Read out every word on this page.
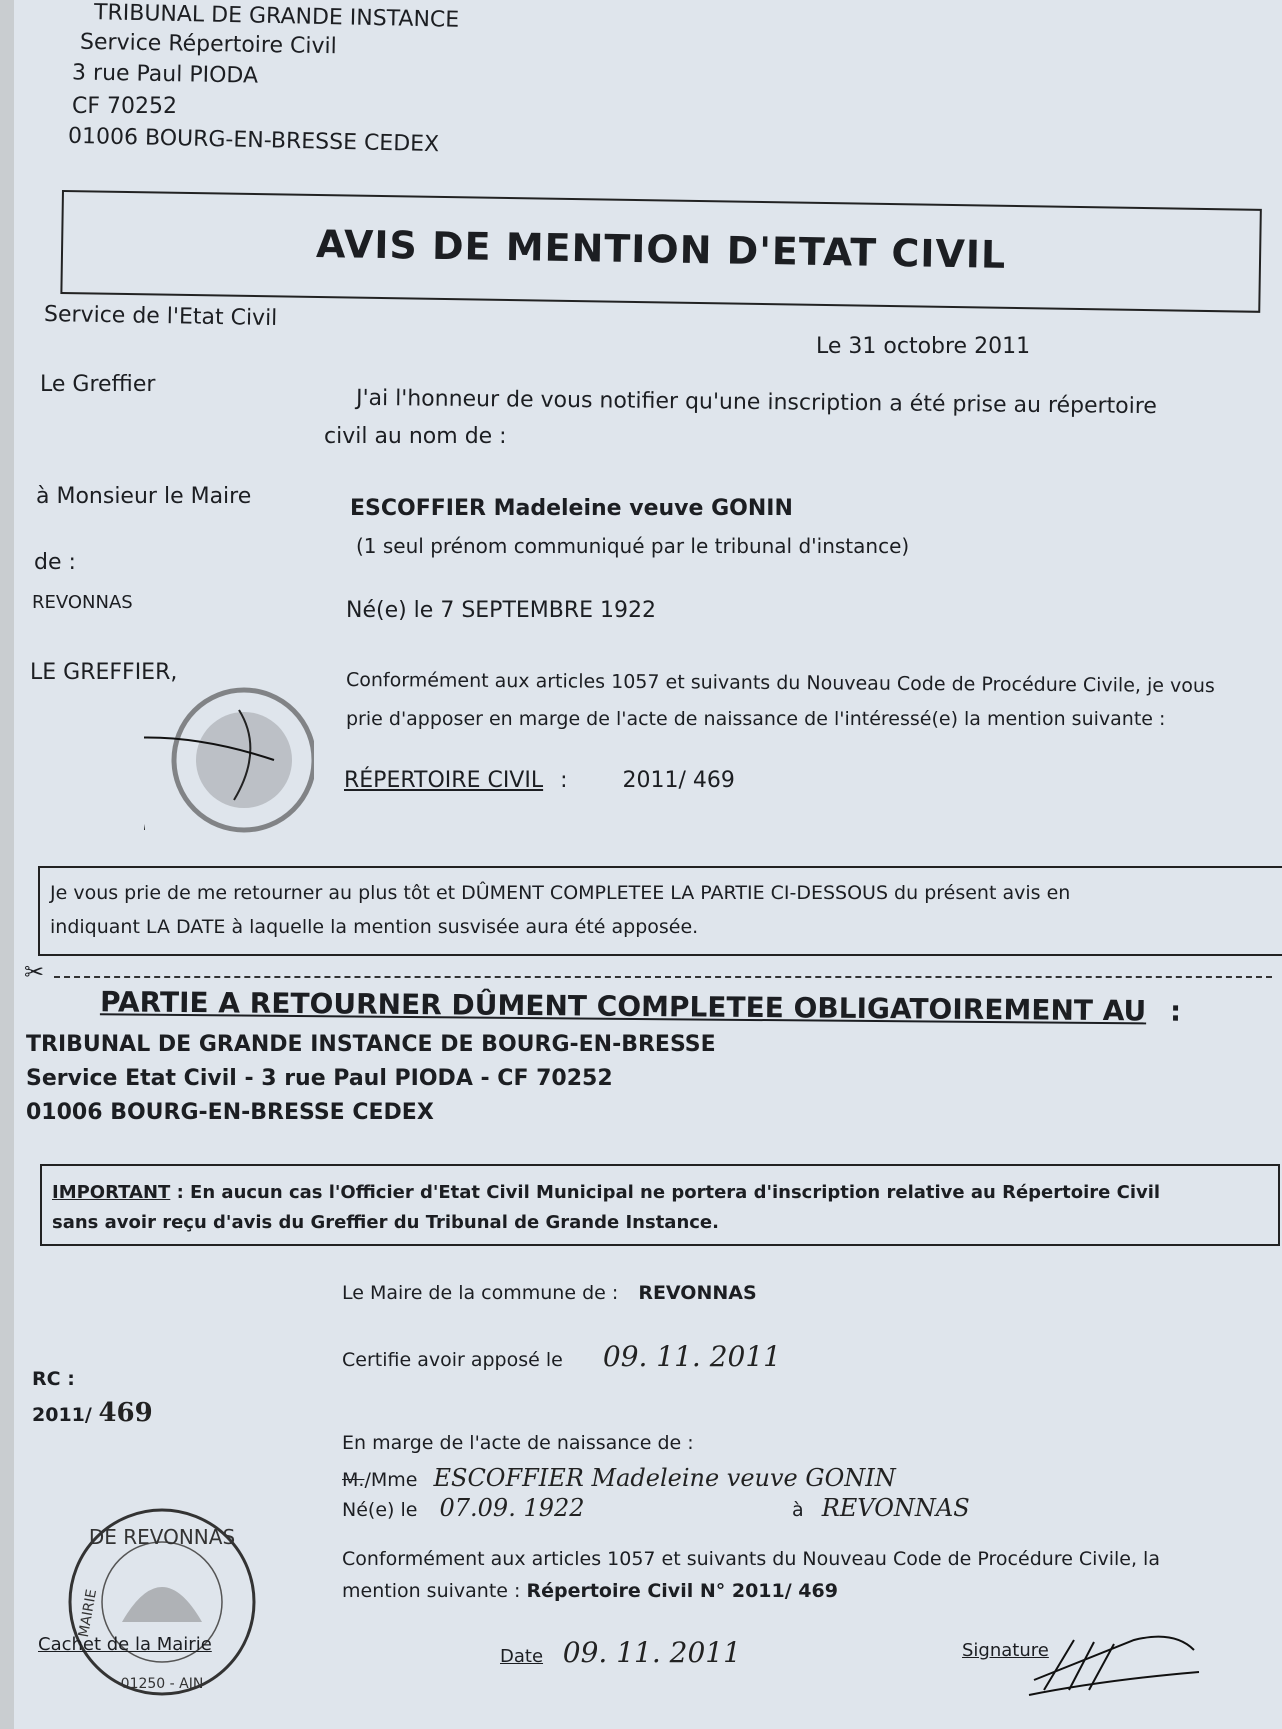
TRIBUNAL DE GRANDE INSTANCE
Service Répertoire Civil
3 rue Paul PIODA
CF 70252
01006 BOURG-EN-BRESSE CEDEX
AVIS DE MENTION D'ETAT CIVIL
Service de l'Etat Civil
Le Greffier
à Monsieur le Maire
de :
REVONNAS
LE GREFFIER,
Le 31 octobre 2011
J'ai l'honneur de vous notifier qu'une inscription a été prise au répertoire
civil au nom de :
ESCOFFIER Madeleine veuve GONIN
(1 seul prénom communiqué par le tribunal d'instance)
Né(e) le 7 SEPTEMBRE 1922
Conformément aux articles 1057 et suivants du Nouveau Code de Procédure Civile, je vous
prie d'apposer en marge de l'acte de naissance de l'intéressé(e) la mention suivante :
RÉPERTOIRE CIVIL :	2011/ 469
Je vous prie de me retourner au plus tôt et DÛMENT COMPLETEE LA PARTIE CI-DESSOUS du présent avis en
indiquant LA DATE à laquelle la mention susvisée aura été apposée.
✂
PARTIE A RETOURNER DÛMENT COMPLETEE OBLIGATOIREMENT AU :
TRIBUNAL DE GRANDE INSTANCE DE BOURG-EN-BRESSE
Service Etat Civil - 3 rue Paul PIODA - CF 70252
01006 BOURG-EN-BRESSE CEDEX
IMPORTANT : En aucun cas l'Officier d'Etat Civil Municipal ne portera d'inscription relative au Répertoire Civil
sans avoir reçu d'avis du Greffier du Tribunal de Grande Instance.
Le Maire de la commune de : REVONNAS
Certifie avoir apposé le 09. 11. 2011
RC :
2011/ 469
En marge de l'acte de naissance de :
M./Mme ESCOFFIER Madeleine veuve GONIN
Né(e) le 07.09. 1922	à REVONNAS
Conformément aux articles 1057 et suivants du Nouveau Code de Procédure Civile, la
mention suivante : Répertoire Civil N° 2011/ 469
DE REVONNAS
MAIRIE
01250 - AIN
Cachet de la Mairie
Date 09. 11. 2011	Signature
